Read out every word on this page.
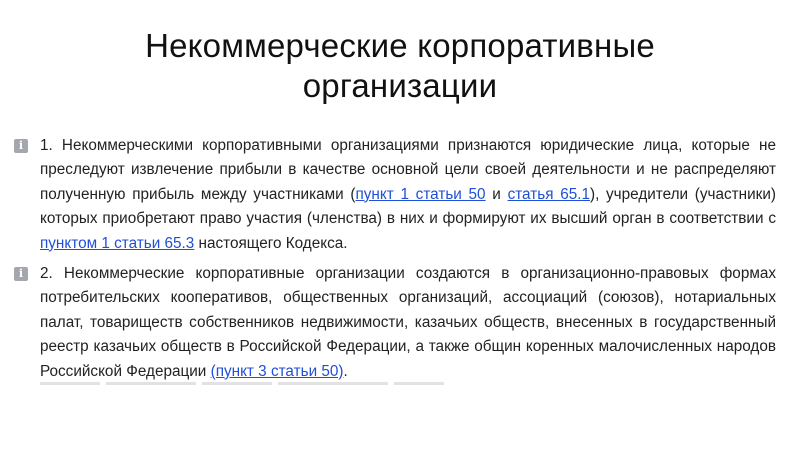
Некоммерческие корпоративные
организации
i	1. Некоммерческими корпоративными организациями признаются юридические лица, которые не преследуют извлечение прибыли в качестве основной цели своей деятельности и не распределяют полученную прибыль между участниками (пункт 1 статьи 50 и статья 65.1), учредители (участники) которых приобретают право участия (членства) в них и формируют их высший орган в соответствии с пунктом 1 статьи 65.3 настоящего Кодекса.

i	2. Некоммерческие корпоративные организации создаются в организационно-правовых формах потребительских кооперативов, общественных организаций, ассоциаций (союзов), нотариальных палат, товариществ собственников недвижимости, казачьих обществ, внесенных в государственный реестр казачьих обществ в Российской Федерации, а также общин коренных малочисленных народов Российской Федерации (пункт 3 статьи 50).
